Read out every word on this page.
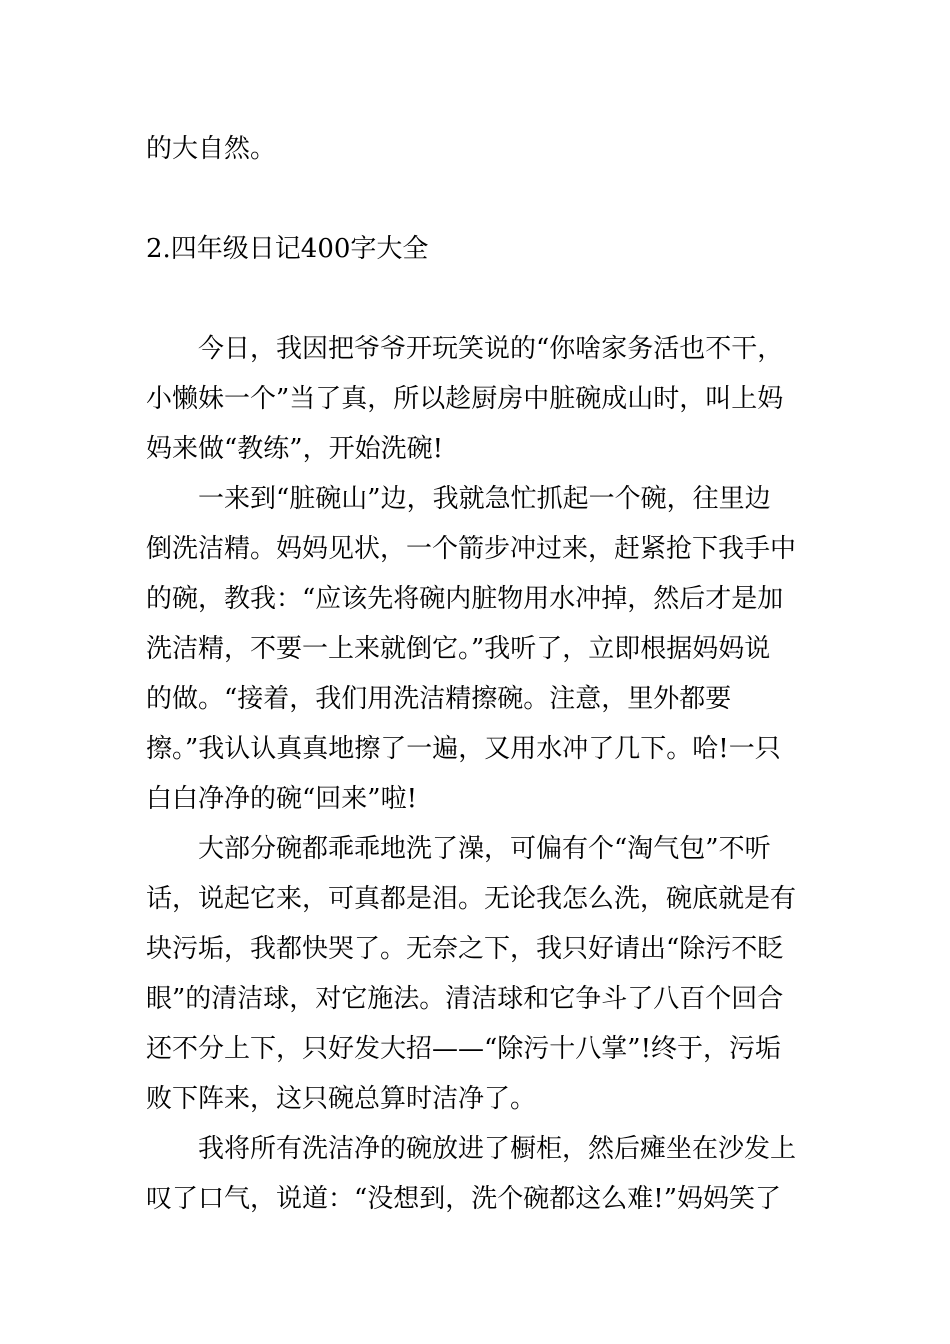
的大自然。
2.四年级日记400字大全
今日，我因把爷爷开玩笑说的“你啥家务活也不干，
小懒妹一个”当了真，所以趁厨房中脏碗成山时，叫上妈
妈来做“教练”，开始洗碗!
一来到“脏碗山”边，我就急忙抓起一个碗，往里边
倒洗洁精。妈妈见状，一个箭步冲过来，赶紧抢下我手中
的碗，教我：“应该先将碗内脏物用水冲掉，然后才是加
洗洁精，不要一上来就倒它。”我听了，立即根据妈妈说
的做。“接着，我们用洗洁精擦碗。注意，里外都要
擦。”我认认真真地擦了一遍，又用水冲了几下。哈!一只
白白净净的碗“回来”啦!
大部分碗都乖乖地洗了澡，可偏有个“淘气包”不听
话，说起它来，可真都是泪。无论我怎么洗，碗底就是有
块污垢，我都快哭了。无奈之下，我只好请出“除污不眨
眼”的清洁球，对它施法。清洁球和它争斗了八百个回合
还不分上下，只好发大招——“除污十八掌”!终于，污垢
败下阵来，这只碗总算时洁净了。
我将所有洗洁净的碗放进了橱柜，然后瘫坐在沙发上
叹了口气，说道：“没想到，洗个碗都这么难!”妈妈笑了
